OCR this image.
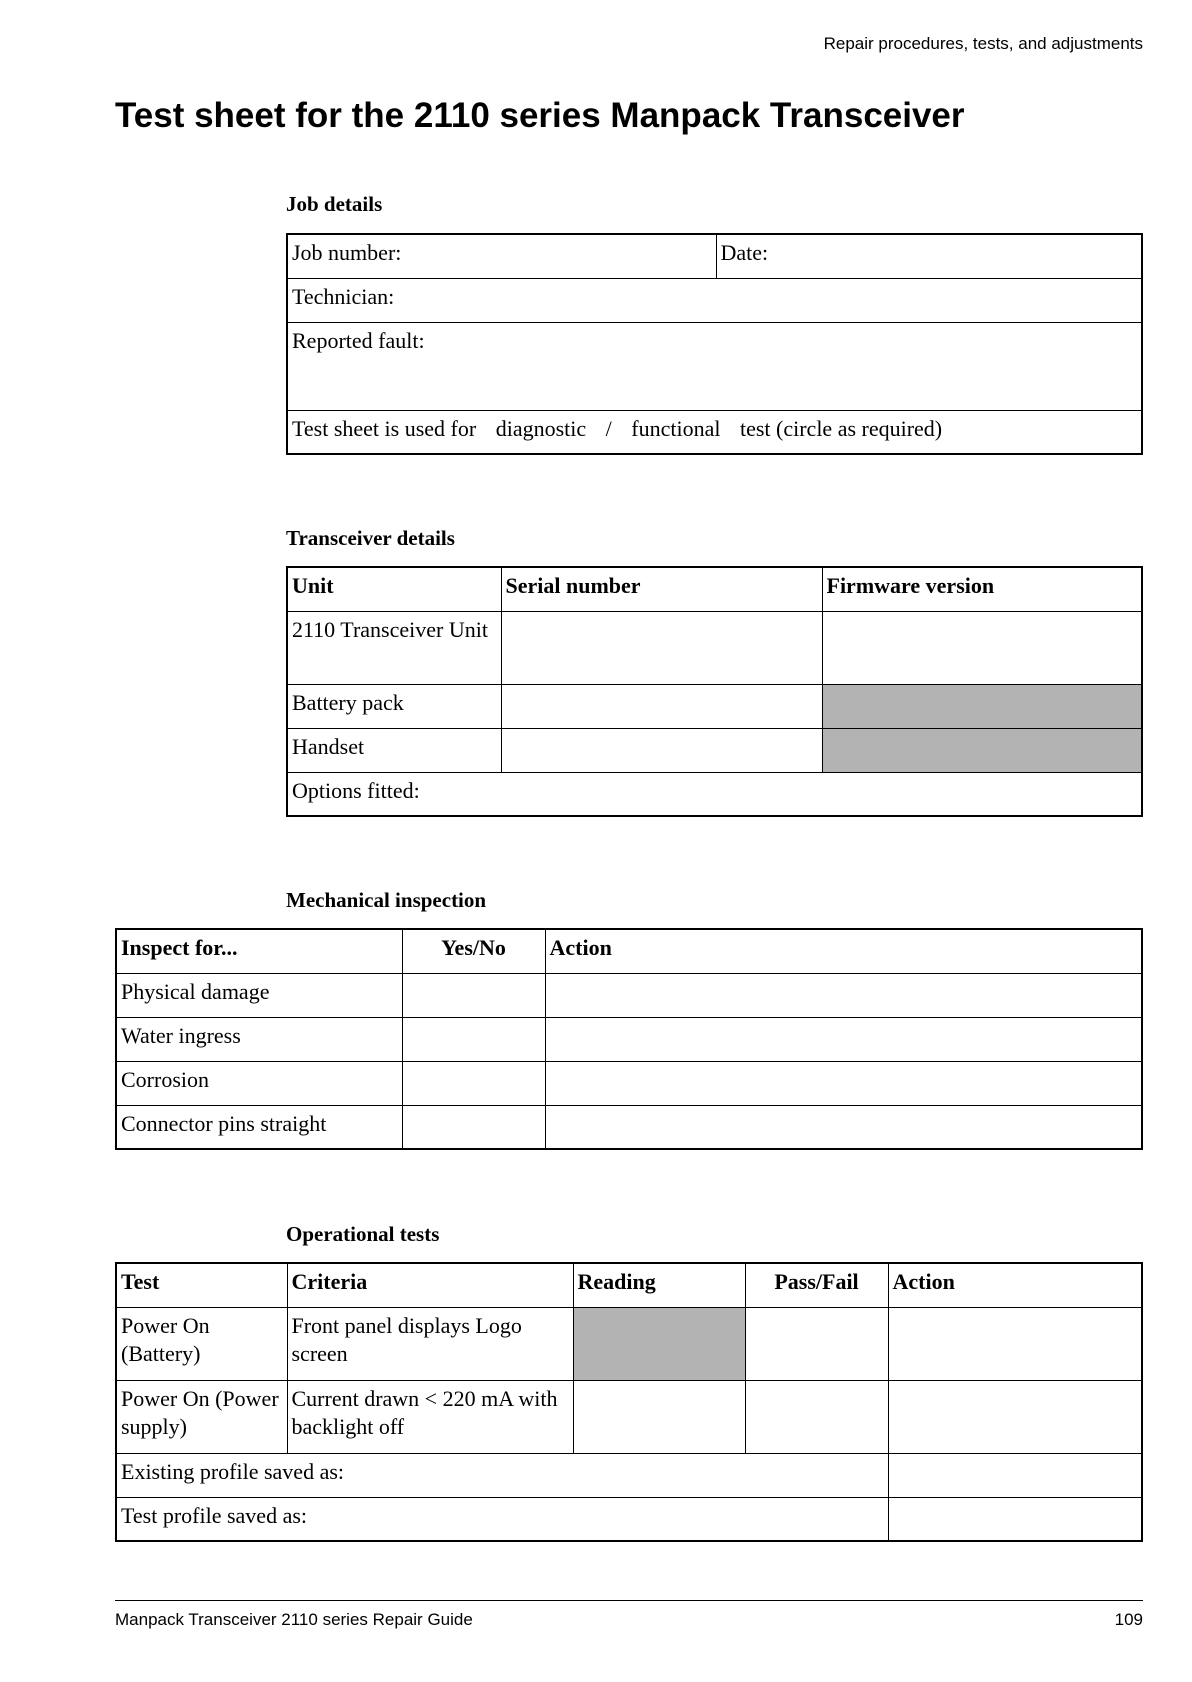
Repair procedures, tests, and adjustments
Test sheet for the 2110 series Manpack Transceiver
Job details
Job number:	Date:
Technician:
Reported fault:
Test sheet is used for diagnostic / functional test (circle as required)
Transceiver details
Unit	Serial number	Firmware version
2110 Transceiver Unit		
Battery pack		
Handset		
Options fitted:		
Mechanical inspection
Inspect for...	Yes/No	Action
Physical damage		
Water ingress		
Corrosion		
Connector pins straight		
Operational tests
Test	Criteria	Reading	Pass/Fail	Action
Power On (Battery)	Front panel displays Logo screen			
Power On (Power supply)	Current drawn < 220 mA with backlight off			
Existing profile saved as:				
Test profile saved as:				
Manpack Transceiver 2110 series Repair Guide	109
